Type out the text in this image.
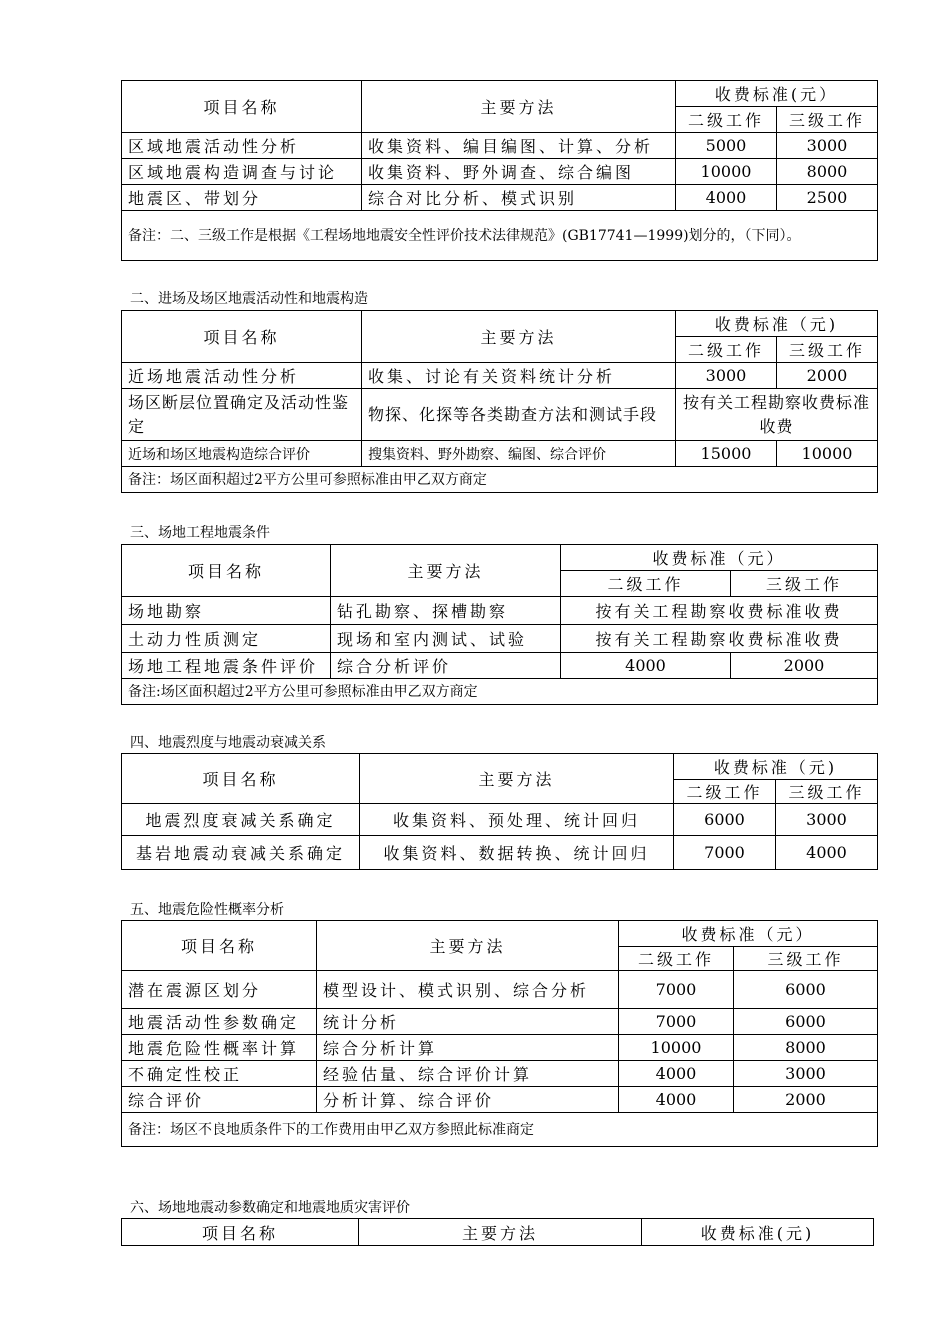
项目名称	主要方法	收费标准(元）	
		二级工作	三级工作
区域地震活动性分析	收集资料、编目编图、计算、分析	5000	3000
区域地震构造调查与讨论	收集资料、野外调查、综合编图	10000	8000
地震区、带划分	综合对比分析、模式识别	4000	2500
备注：二、三级工作是根据《工程场地地震安全性评价技术法律规范》(GB17741—1999)划分的，（下同）。			
二、进场及场区地震活动性和地震构造
项目名称	主要方法	收费标准（元)	
		二级工作	三级工作
近场地震活动性分析	收集、讨论有关资料统计分析	3000	2000
场区断层位置确定及活动性鉴定	物探、化探等各类勘查方法和测试手段	按有关工程勘察收费标准收费	
近场和场区地震构造综合评价	搜集资料、野外勘察、编图、综合评价	15000	10000
备注：场区面积超过2平方公里可参照标准由甲乙双方商定			
三、场地工程地震条件
项目名称	主要方法	收费标准（元）	
		二级工作	三级工作
场地勘察	钻孔勘察、探槽勘察	按有关工程勘察收费标准收费	
土动力性质测定	现场和室内测试、试验	按有关工程勘察收费标准收费	
场地工程地震条件评价	综合分析评价	4000	2000
备注:场区面积超过2平方公里可参照标准由甲乙双方商定			
四、地震烈度与地震动衰减关系
项目名称	主要方法	收费标准（元)	
		二级工作	三级工作
地震烈度衰减关系确定	收集资料、预处理、统计回归	6000	3000
基岩地震动衰减关系确定	收集资料、数据转换、统计回归	7000	4000
五、地震危险性概率分析
项目名称	主要方法	收费标准（元）	
		二级工作	三级工作
潜在震源区划分	模型设计、模式识别、综合分析	7000	6000
地震活动性参数确定	统计分析	7000	6000
地震危险性概率计算	综合分析计算	10000	8000
不确定性校正	经验估量、综合评价计算	4000	3000
综合评价	分析计算、综合评价	4000	2000
备注：场区不良地质条件下的工作费用由甲乙双方参照此标准商定			
六、场地地震动参数确定和地震地质灾害评价
项目名称	主要方法	收费标准(元)
